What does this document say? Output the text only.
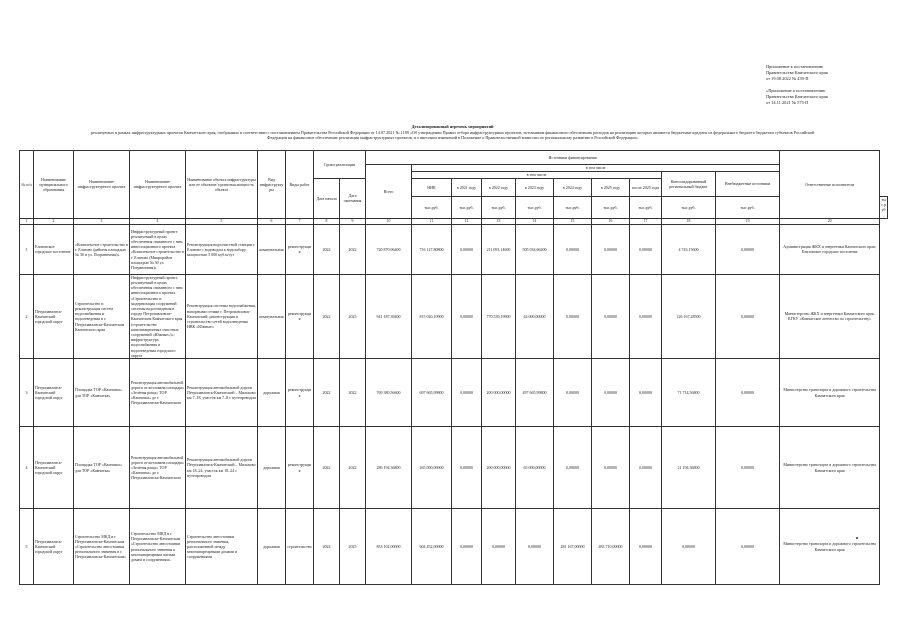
Приложение к постановлению
Правительства Камчатского края
от 19.08.2022 № 439-П

«Приложение к постановлению
Правительства Камчатского края
от 14.11.2021 № 575-П
Детализированный перечень мероприятий
реализуемых в рамках инфраструктурных проектов Камчатского края, отобранных в соответствии с постановлением Правительства Российской Федерации от 14.07.2021 № 1189 «Об утверждении Правил отбора инфраструктурных проектов, источником финансового обеспечения расходов на реализацию которых являются бюджетные кредиты из федерального бюджета бюджетам субъектов Российской
Федерации на финансовое обеспечение реализации инфраструктурных проектов, и о внесении изменений в Положение о Правительственной комиссии по региональному развитию в Российской Федерации»
№ п/п	Наименование муниципального образования	Наименование инфраструктурного проекта	Наименование инфраструктурного проекта	Наименование объекта инфраструктуры или ее объектов/ проектная мощность объекта	Вид инфраструктуры	Виды работ	Сроки реализации		Источники финансирования										Ответственные исполнители	
									Всего	в том числе										
										в том числе							Консолидированный региональный бюджет	Внебюджетные источники		
							Дата начала	Дата окончания		НИК	в 2021 году	в 2022 году	в 2023 году	в 2024 году	в 2025 году	после 2025 года				
										тыс.руб.	тыс.руб.	тыс.руб.	тыс.руб.	тыс.руб.	тыс.руб.	тыс.руб.	тыс.руб.	тыс.руб.		тыс.руб.
1	2	3	4	5	6	7	8	9	10	11	12	13	14	15	16	17	18	19	20	
1	Елизовское городское поселение	«Комплексное строительство в г. Елизово (районы площадью № 30 и ул. Пограничная)»	Инфраструктурный проект: реализуемый в целях обеспечения связанного с ним инвестиционного проекта «Комплексное строительство в г. Елизово (Микрорайон площадью № 30 ул. Пограничная)»	Реконструкция водоочистной станции г. Елизово с водоводом к водозабору, мощностью 5 000 куб.м/сут	коммунальная	реконструкция	2022	2022	720 870,96400	716 127,80800	0,00000	211 093,14600	505 034,66200	0,00000	0,00000	0,00000	4 743,15600	0,00000	Администрация ЖКХ и энергетики Камчатского края; Елизовское городское поселение	
2	Петропавловск-Камчатский городской округ	Строительство и реконструкция систем водоснабжения и водоотведения в г. Петропавловске-Камчатском Камчатского края	Инфраструктурный проект, реализуемый в целях обеспечения связанного с ним инвестиционного проекта «Строительство и модернизация сооружений системы водоотведения в городе Петропавловске-Камчатском Камчатского края (строительство канализационных очистных сооружений «Южные»)»; инфраструктура водоснабжения и водоотведения городского округа	Реконструкция системы водоснабжения, напорными сетями г. Петропавловск-Камчатский; реконструкция и строительство сетей водоотведения НВК «Южные»	коммунальная	реконструкция	2022	2025	941 187,39400	815 020,10900	0,00000	770 539,19900	44 000,00000	0,00000	0,00000	0,00000	126 167,28500	0,00000	Министерство ЖКХ и энергетики Камчатского края, КГКУ «Камчатское агентство по строительству»	
3	Петропавловск-Камчатский городской округ	Площадка ТОР «Камчатка» для ТОР «Камчатка»	Реконструкция автомобильной дороги от котлована площадки «Зелёная роща» ТОР «Камчатка» до г. Петропавловска-Камчатского	Реконструкция автомобильной дороги Петропавловск-Камчатский – Мильково км 7–18, участок км 7–8 с путепроводом	дорожная	реконструкция	2022	2022	769 380,56600	697 665,99800	0,00000	200 000,00000	497 665,99800	0,00000	0,00000	0,00000	71 714,56800	0,00000	Министерство транспорта и дорожного строительства Камчатского края	
4	Петропавловск-Камчатский городской округ	Площадка ТОР «Камчатка» для ТОР «Камчатка»	Реконструкция автомобильной дороги от котлована площадки «Зелёная роща» ТОР «Камчатка» до г. Петропавловска-Камчатского	Реконструкция автомобильной дороги Петропавловск-Камчатский – Мильково км 18–24, участок км 18–24 с путепроводом	дорожная	реконструкция	2022	2022	286 194,36800	265 000,00000	0,00000	200 000,00000	65 000,00000	0,00000	0,00000	0,00000	21 194,36800	0,00000	Министерство транспорта и дорожного строительства Камчатского края	
5	Петропавловск-Камчатский городской округ	Строительство МКД в г. Петропавловске-Камчатском «Строительство автостоянки регионального значения в г. Петропавловске-Камчатском»	Строительство МКД в г. Петропавловске-Камчатском «Строительство автостоянки регионального значения к многоквартирным жилым домам и сооружениям»	Строительство автостоянки регионального значения, расположенной между многоквартирными домами и сооружениями	дорожная	строительство	2024	2025	853 102,00000	604 452,00000	0,00000	0,00000	0,00000	281 167,00000	483 710,00000	0,00000	0,00000	0,00000	Министерство транспорта и дорожного строительства Камчатского края	
